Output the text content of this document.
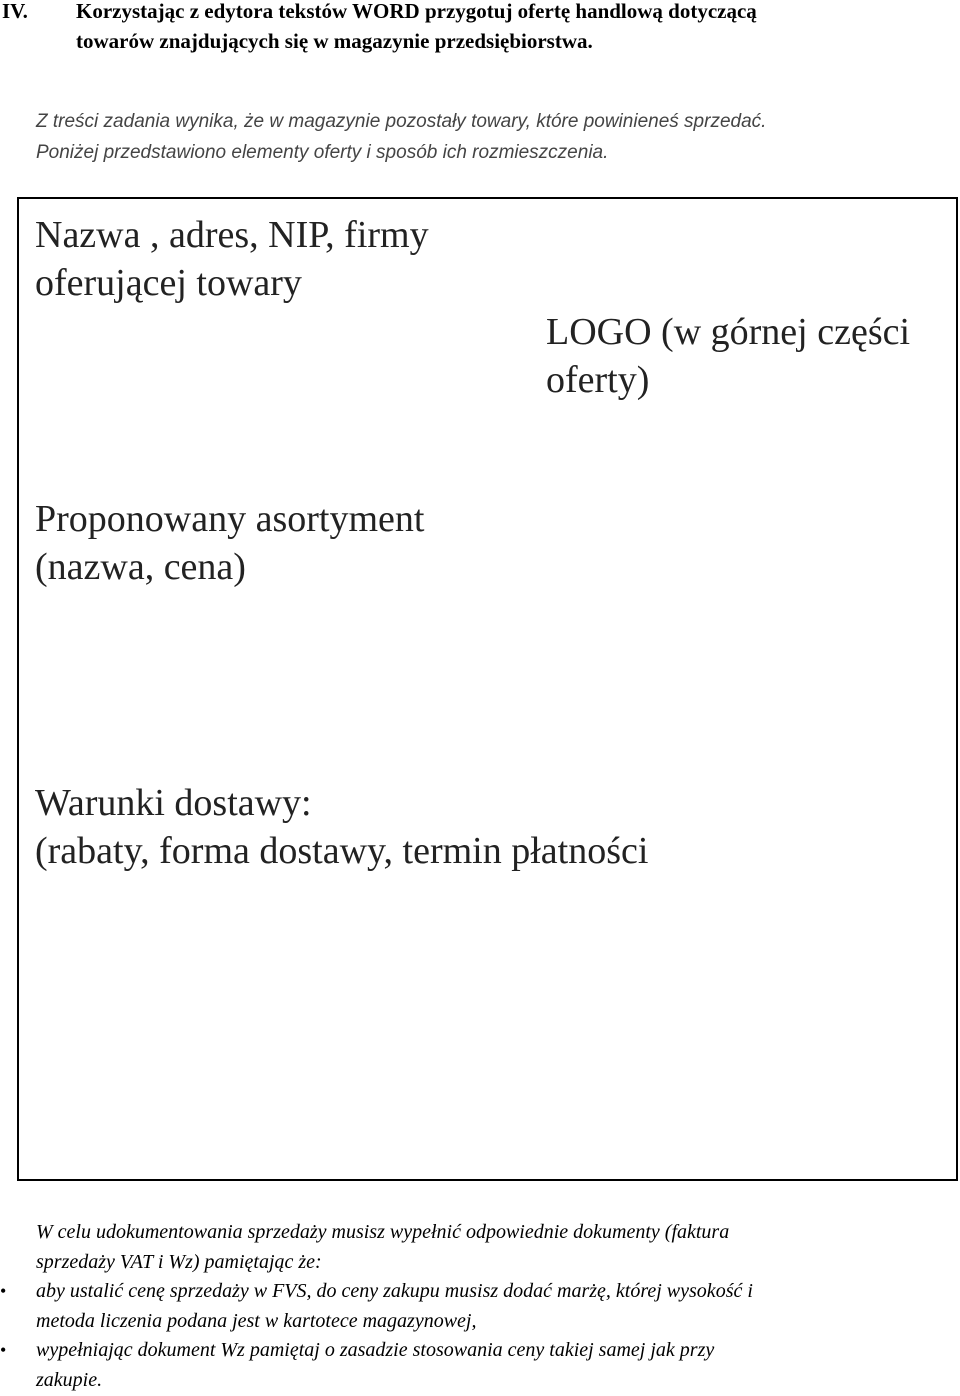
IV. Korzystając z edytora tekstów WORD przygotuj ofertę handlową dotyczącą
towarów znajdujących się w magazynie przedsiębiorstwa.

Z treści zadania wynika, że w magazynie pozostały towary, które powinieneś sprzedać.

Poniżej przedstawiono elementy oferty i sposób ich rozmieszczenia.

Nazwa , adres, NIP, firmy
oferującej towary

LOGO (w górnej części
oferty)

Proponowany asortyment
(nazwa, cena)

Warunki dostawy:
(rabaty, forma dostawy, termin płatności

W celu udokumentowania sprzedaży musisz wypełnić odpowiednie dokumenty (faktura
sprzedaży VAT i Wz) pamiętając że:
• aby ustalić cenę sprzedaży w FVS, do ceny zakupu musisz dodać marżę, której wysokość i
metoda liczenia podana jest w kartotece magazynowej,
• wypełniając dokument Wz pamiętaj o zasadzie stosowania ceny takiej samej jak przy
zakupie.
